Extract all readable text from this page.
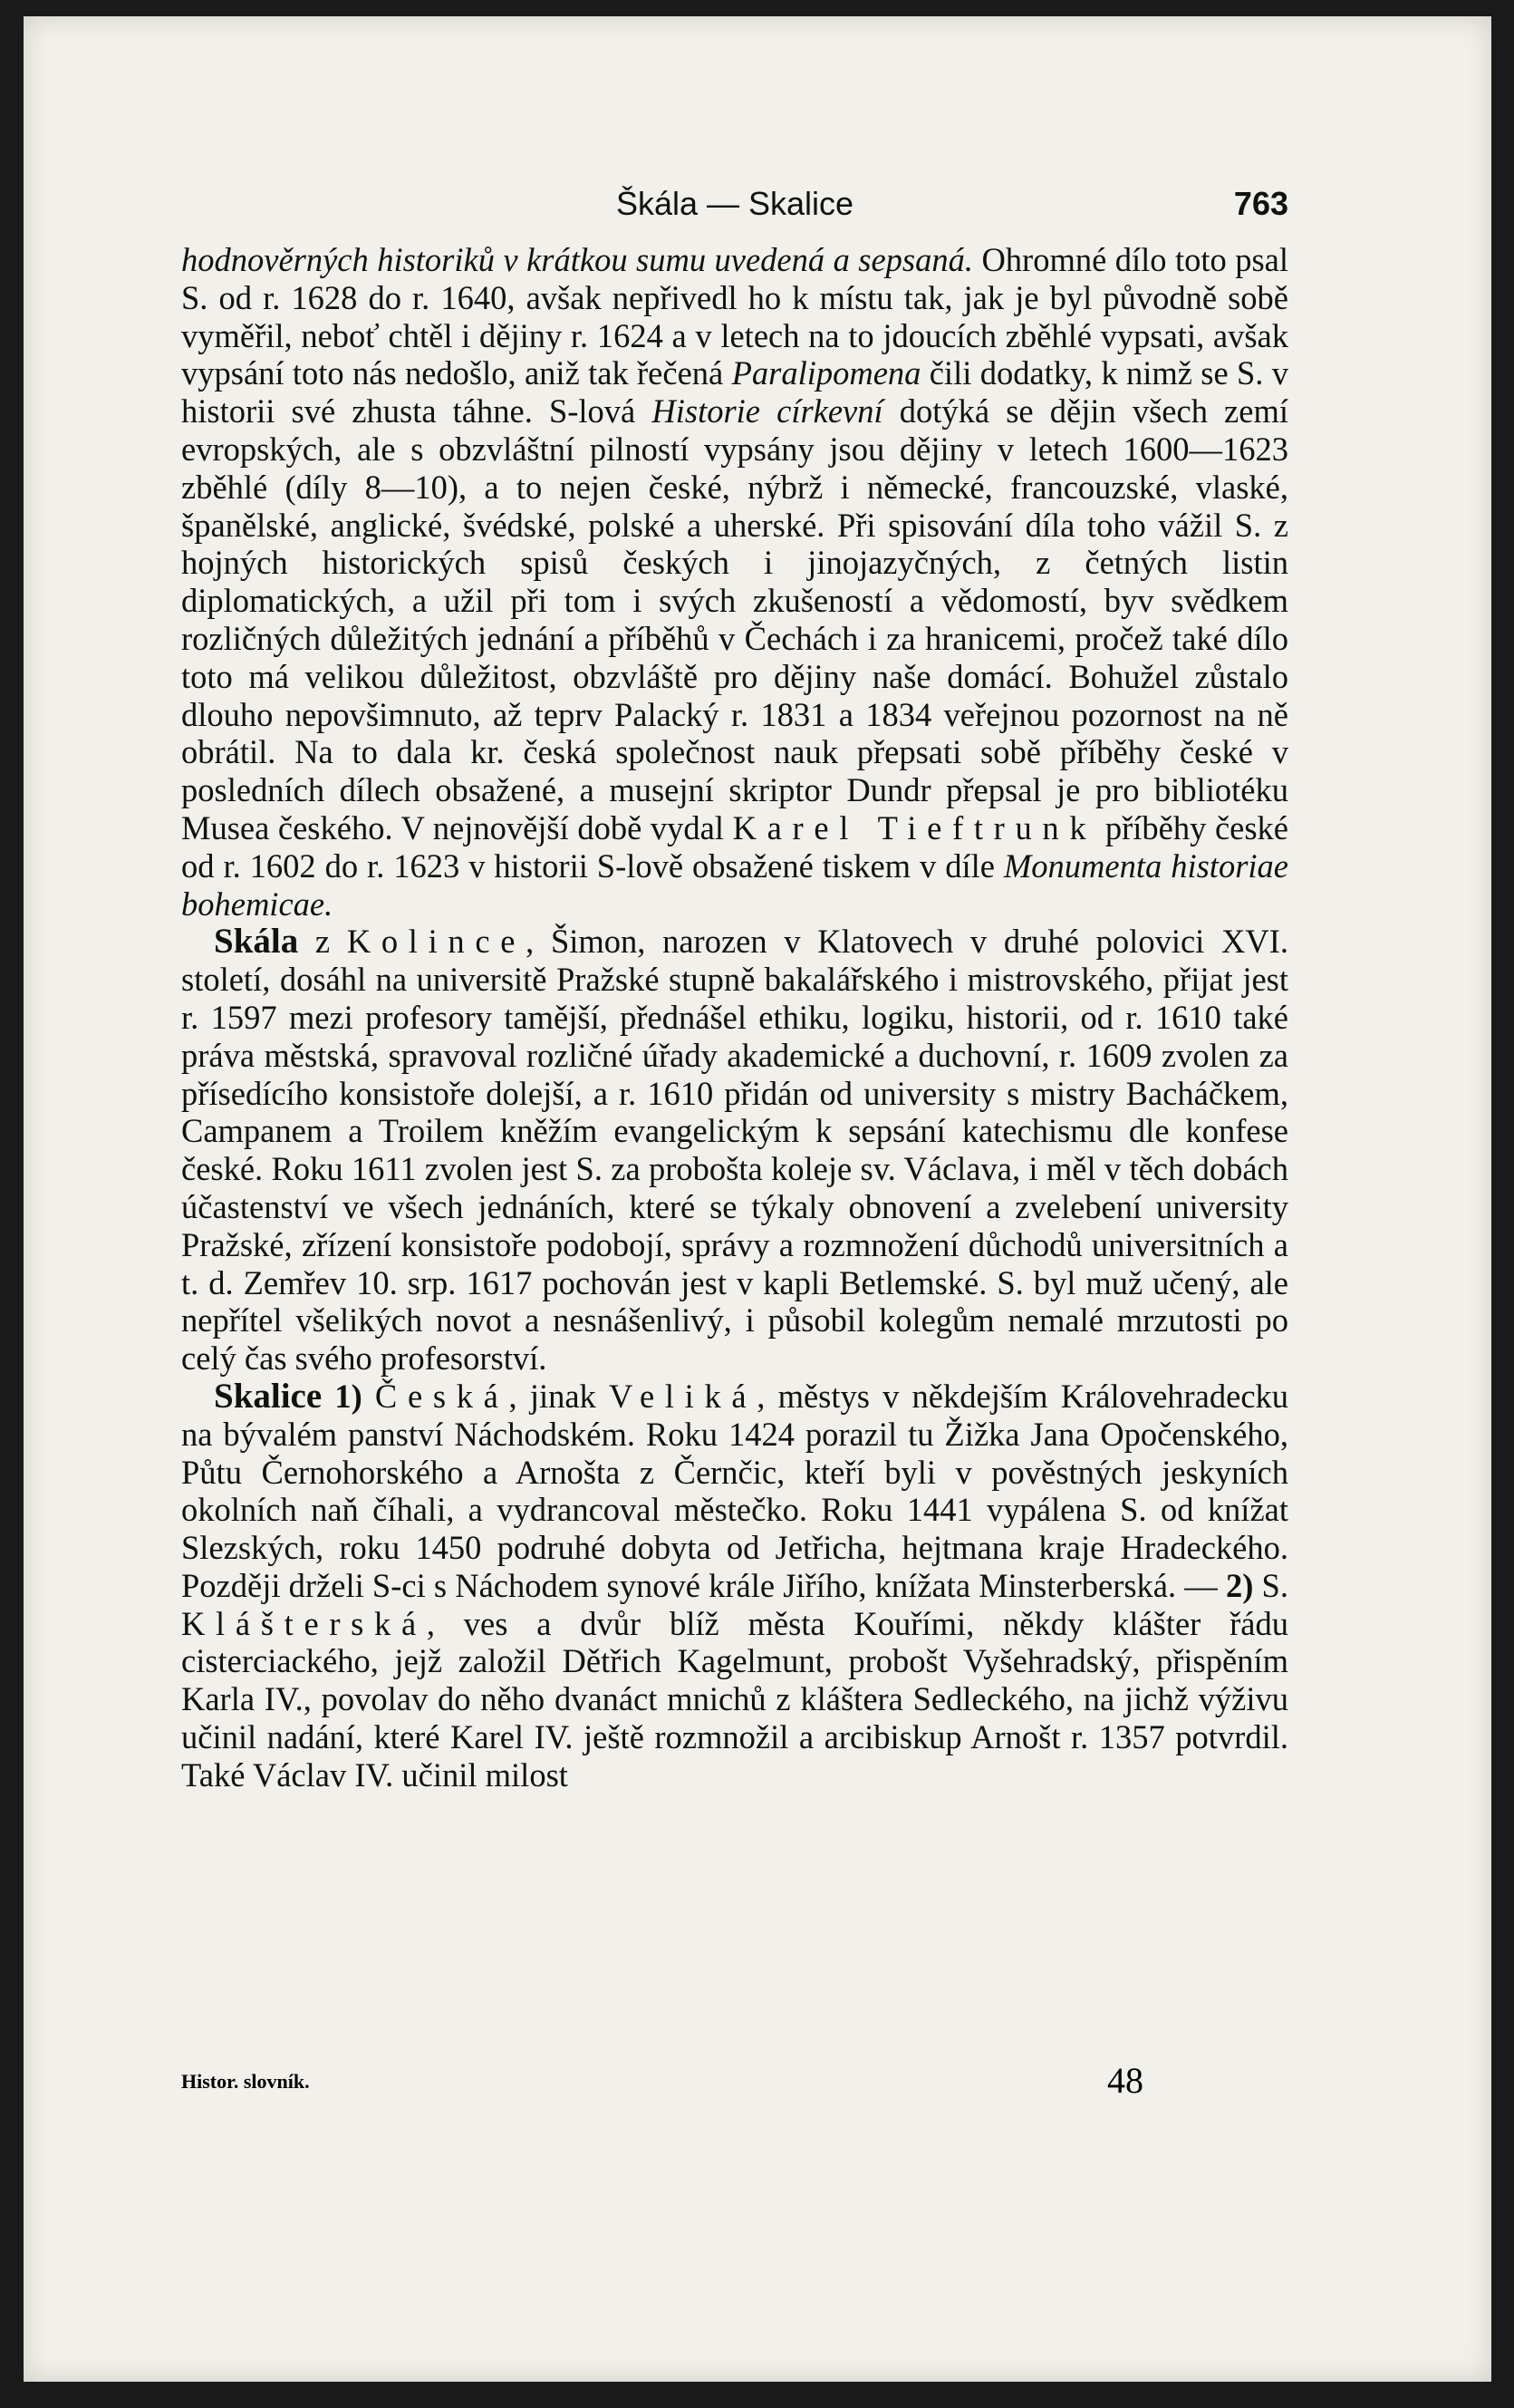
Škála — Skalice	763

hodnověrných historiků v krátkou sumu uvedená a sepsaná. Ohromné dílo toto psal S. od r. 1628 do r. 1640, avšak nepřivedl ho k místu tak, jak je byl původně sobě vyměřil, neboť chtěl i dějiny r. 1624 a v letech na to jdoucích zběhlé vypsati, avšak vypsání toto nás nedošlo, aniž tak řečená Paralipomena čili dodatky, k nimž se S. v historii své zhusta táhne. S-lová Historie církevní dotýká se dějin všech zemí evropských, ale s obzvláštní pilností vypsány jsou dějiny v letech 1600—1623 zběhlé (díly 8—10), a to nejen české, nýbrž i německé, francouzské, vlaské, španělské, anglické, švédské, polské a uherské. Při spisování díla toho vážil S. z hojných historických spisů českých i jinojazyčných, z četných listin diplomatických, a užil při tom i svých zkušeností a vědomostí, byv svědkem rozličných důležitých jednání a příběhů v Čechách i za hranicemi, pročež také dílo toto má velikou důležitost, obzvláště pro dějiny naše domácí. Bohužel zůstalo dlouho nepovšimnuto, až teprv Palacký r. 1831 a 1834 veřejnou pozornost na ně obrátil. Na to dala kr. česká společnost nauk přepsati sobě příběhy české v posledních dílech obsažené, a musejní skriptor Dundr přepsal je pro bibliotéku Musea českého. V nejnovější době vydal Karel Tieftrunk příběhy české od r. 1602 do r. 1623 v historii S-lově obsažené tiskem v díle Monumenta historiae bohemicae.

Skála z Kolince, Šimon, narozen v Klatovech v druhé polovici XVI. století, dosáhl na universitě Pražské stupně bakalářského i mistrovského, přijat jest r. 1597 mezi profesory tamější, přednášel ethiku, logiku, historii, od r. 1610 také práva městská, spravoval rozličné úřady akademické a duchovní, r. 1609 zvolen za přísedícího konsistoře dolejší, a r. 1610 přidán od university s mistry Bacháčkem, Campanem a Troilem kněžím evangelickým k sepsání katechismu dle konfese české. Roku 1611 zvolen jest S. za proboštа koleje sv. Václava, i měl v těch dobách účastenství ve všech jednáních, které se týkaly obnovení a zvelebení university Pražské, zřízení konsistoře podobojí, správy a rozmnožení důchodů universitních a t. d. Zemřev 10. srp. 1617 pochován jest v kapli Betlemské. S. byl muž učený, ale nepřítel všelikých novot a nesnášenlivý, i působil kolegům nemalé mrzutosti po celý čas svého profesorství.

Skalice 1) Česká, jinak Veliká, městys v někdejším Královehradecku na bývalém panství Náchodském. Roku 1424 porazil tu Žižka Jana Opočenského, Půtu Černohorského a Arnošta z Černčic, kteří byli v pověstných jeskyních okolních naň číhali, a vydrancoval městečko. Roku 1441 vypálena S. od knížat Slezských, roku 1450 podruhé dobyta od Jetřicha, hejtmana kraje Hradeckého. Později drželi S-ci s Náchodem synové krále Jiřího, knížata Minsterberská. — 2) S. Klášterská, ves a dvůr blíž města Kouřími, někdy klášter řádu cisterciackého, jejž založil Dětřich Kagelmunt, probošt Vyšehradský, přispěním Karla IV., povolav do něho dvanáct mnichů z kláštera Sedleckého, na jichž výživu učinil nadání, které Karel IV. ještě rozmnožil a arcibiskup Arnošt r. 1357 potvrdil. Také Václav IV. učinil milost

Histor. slovník.	48
